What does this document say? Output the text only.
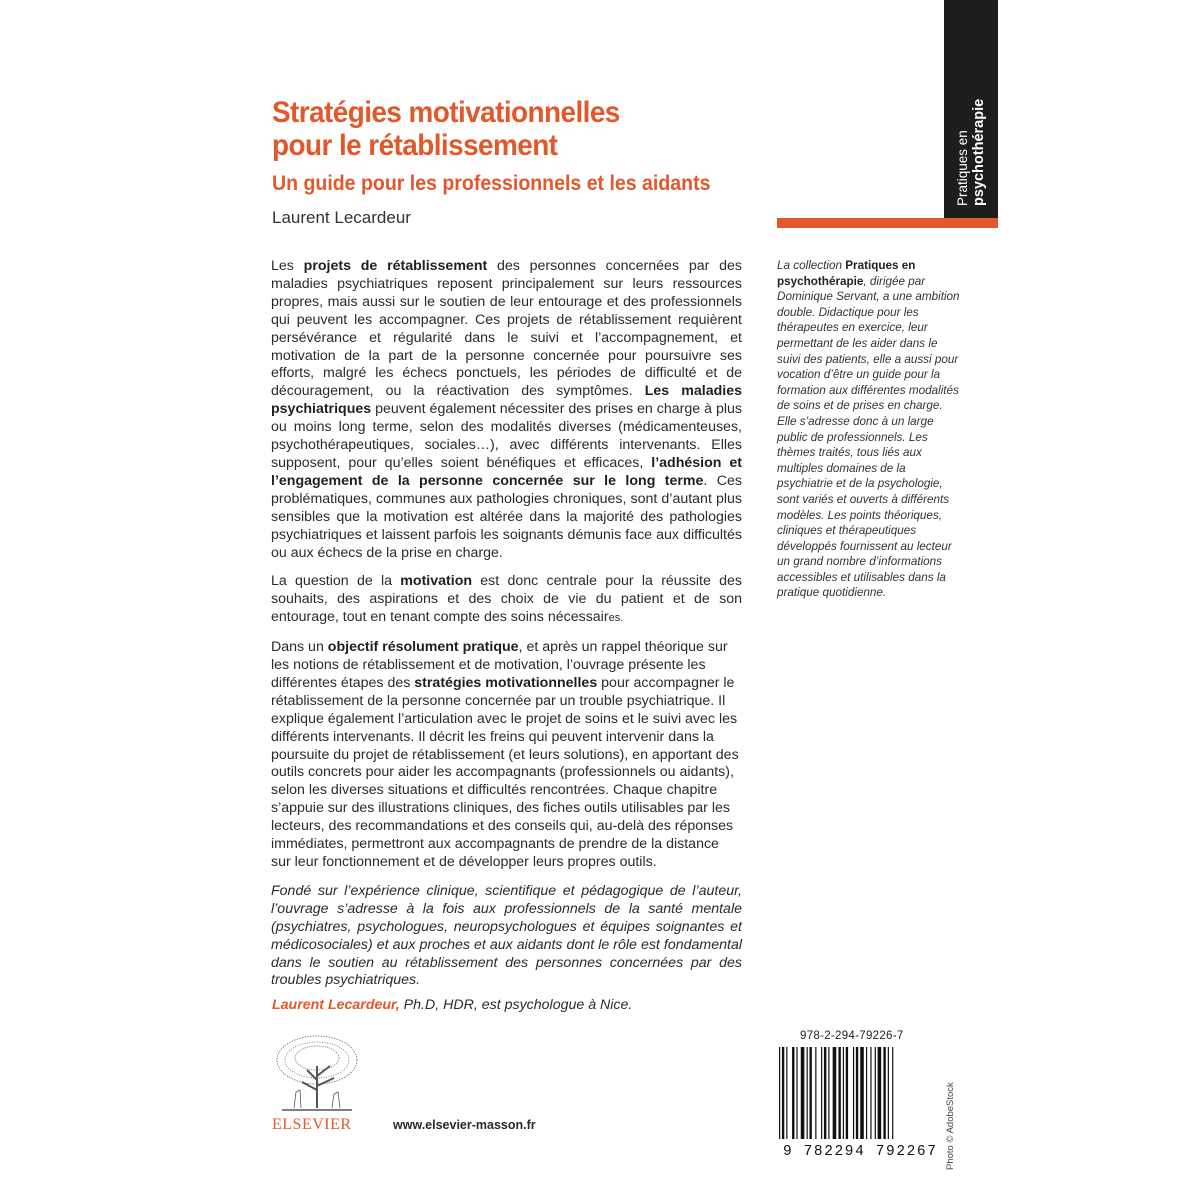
Stratégies motivationnelles
pour le rétablissement
Un guide pour les professionnels et les aidants
Laurent Lecardeur

Les projets de rétablissement des personnes concernées par des maladies psychiatriques reposent principalement sur leurs ressources propres, mais aussi sur le soutien de leur entourage et des professionnels qui peuvent les accompagner. Ces projets de rétablissement requièrent persévérance et régularité dans le suivi et l’accompagnement, et motivation de la part de la personne concernée pour poursuivre ses efforts, malgré les échecs ponctuels, les périodes de difficulté et de découragement, ou la réactivation des symptômes. Les maladies psychiatriques peuvent également nécessiter des prises en charge à plus ou moins long terme, selon des modalités diverses (médicamenteuses, psychothérapeutiques, sociales…), avec différents intervenants. Elles supposent, pour qu’elles soient bénéfiques et efficaces, l’adhésion et l’engagement de la personne concernée sur le long terme. Ces problématiques, communes aux pathologies chroniques, sont d’autant plus sensibles que la motivation est altérée dans la majorité des pathologies psychiatriques et laissent parfois les soignants démunis face aux difficultés ou aux échecs de la prise en charge.

La question de la motivation est donc centrale pour la réussite des souhaits, des aspirations et des choix de vie du patient et de son entourage, tout en tenant compte des soins nécessaires.

Dans un objectif résolument pratique, et après un rappel théorique sur les notions de rétablissement et de motivation, l’ouvrage présente les différentes étapes des stratégies motivationnelles pour accompagner le rétablissement de la personne concernée par un trouble psychiatrique. Il explique également l’articulation avec le projet de soins et le suivi avec les différents intervenants. Il décrit les freins qui peuvent intervenir dans la poursuite du projet de rétablissement (et leurs solutions), en apportant des outils concrets pour aider les accompagnants (professionnels ou aidants), selon les diverses situations et difficultés rencontrées. Chaque chapitre s’appuie sur des illustrations cliniques, des fiches outils utilisables par les lecteurs, des recommandations et des conseils qui, au-delà des réponses immédiates, permettront aux accompagnants de prendre de la distance sur leur fonctionnement et de développer leurs propres outils.

Fondé sur l’expérience clinique, scientifique et pédagogique de l’auteur, l’ouvrage s’adresse à la fois aux professionnels de la santé mentale (psychiatres, psychologues, neuropsychologues et équipes soignantes et médicosociales) et aux proches et aux aidants dont le rôle est fondamental dans le soutien au rétablissement des personnes concernées par des troubles psychiatriques.

Laurent Lecardeur, Ph.D, HDR, est psychologue à Nice.
Pratiques en psychothérapie
La collection Pratiques en psychothérapie, dirigée par Dominique Servant, a une ambition double. Didactique pour les thérapeutes en exercice, leur permettant de les aider dans le suivi des patients, elle a aussi pour vocation d’être un guide pour la formation aux différentes modalités de soins et de prises en charge. Elle s’adresse donc à un large public de professionnels. Les thèmes traités, tous liés aux multiples domaines de la psychiatrie et de la psychologie, sont variés et ouverts à différents modèles. Les points théoriques, cliniques et thérapeutiques développés fournissent au lecteur un grand nombre d’informations accessibles et utilisables dans la pratique quotidienne.
978-2-294-79226-7
9 782294 792267 Photo © AdobeStock
ELSEVIER	www.elsevier-masson.fr
